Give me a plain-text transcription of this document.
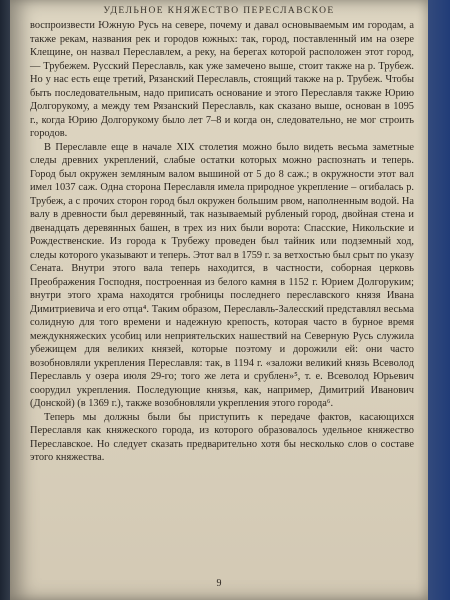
УДЕЛЬНОЕ КНЯЖЕСТВО ПЕРЕСЛАВСКОЕ

воспроизвести Южную Русь на севере, почему и давал основываемым им городам, а также рекам, названия рек и городов южных: так, город, поставленный им на озере Клещине, он назвал Переславлем, а реку, на берегах которой расположен этот город, — Трубежем. Русский Переславль, как уже замечено выше, стоит также на р. Трубеж. Но у нас есть еще третий, Рязанский Переславль, стоящий также на р. Трубеж. Чтобы быть последовательным, надо приписать основание и этого Переславля также Юрию Долгорукому, а между тем Рязанский Переславль, как сказано выше, основан в 1095 г., когда Юрию Долгорукому было лет 7–8 и когда он, следовательно, не мог строить городов.

В Переславле еще в начале XIX столетия можно было видеть весьма заметные следы древних укреплений, слабые остатки которых можно распознать и теперь. Город был окружен земляным валом вышиной от 5 до 8 саж.; в окружности этот вал имел 1037 саж. Одна сторона Переславля имела природное укрепление – огибалась р. Трубеж, а с прочих сторон город был окружен большим рвом, наполненным водой. На валу в древности был деревянный, так называемый рубленый город, двойная стена и двенадцать деревянных башен, в трех из них были ворота: Спасские, Никольские и Рождественские. Из города к Трубежу проведен был тайник или подземный ход, следы которого указывают и теперь. Этот вал в 1759 г. за ветхостью был срыт по указу Сената. Внутри этого вала теперь находится, в частности, соборная церковь Преображения Господня, построенная из белого камня в 1152 г. Юрием Долгоруким; внутри этого храма находятся гробницы последнего переславского князя Ивана Димитриевича и его отца⁴. Таким образом, Переславль-Залесский представлял весьма солидную для того времени и надежную крепость, которая часто в бурное время междукняжеских усобиц или неприятельских нашествий на Северную Русь служила убежищем для великих князей, которые поэтому и дорожили ей: они часто возобновляли укрепления Переславля: так, в 1194 г. «заложи великий князь Всеволод Переславль у озера июля 29-го; того же лета и срублен»⁵, т. е. Всеволод Юрьевич соорудил укрепления. Последующие князья, как, например, Димитрий Иванович (Донской) (в 1369 г.), также возобновляли укрепления этого города⁶.

Теперь мы должны были бы приступить к передаче фактов, касающихся Переславля как княжеского города, из которого образовалось удельное княжество Переславское. Но следует сказать предварительно хотя бы несколько слов о составе этого княжества.

9
